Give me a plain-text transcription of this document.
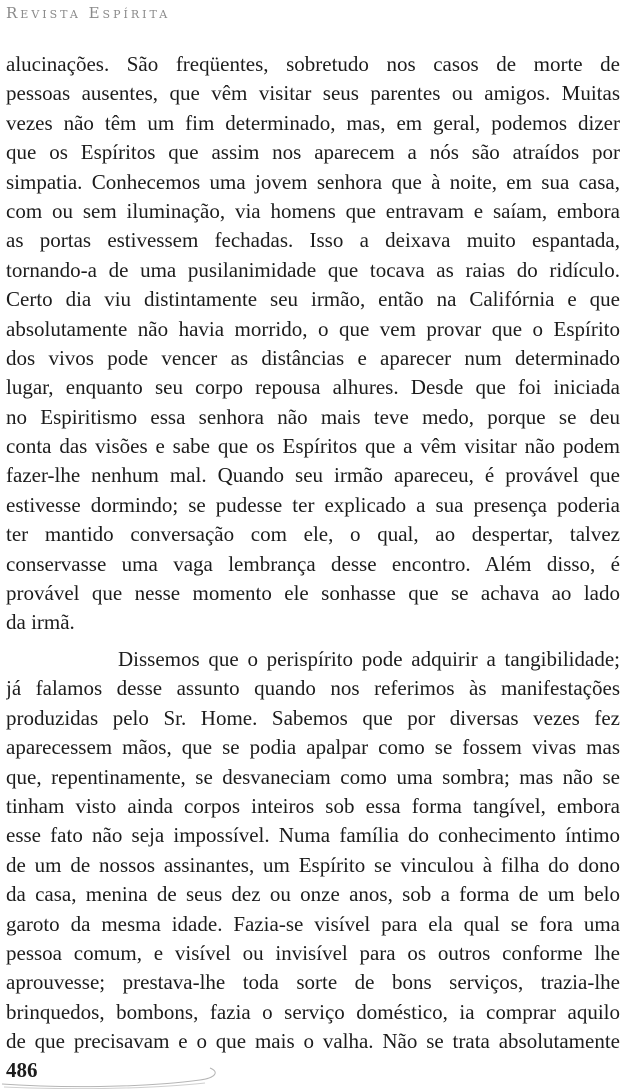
Revista Espírita
alucinações. São freqüentes, sobretudo nos casos de morte de
pessoas ausentes, que vêm visitar seus parentes ou amigos. Muitas
vezes não têm um fim determinado, mas, em geral, podemos dizer
que os Espíritos que assim nos aparecem a nós são atraídos por
simpatia. Conhecemos uma jovem senhora que à noite, em sua casa,
com ou sem iluminação, via homens que entravam e saíam, embora
as portas estivessem fechadas. Isso a deixava muito espantada,
tornando-a de uma pusilanimidade que tocava as raias do ridículo.
Certo dia viu distintamente seu irmão, então na Califórnia e que
absolutamente não havia morrido, o que vem provar que o Espírito
dos vivos pode vencer as distâncias e aparecer num determinado
lugar, enquanto seu corpo repousa alhures. Desde que foi iniciada
no Espiritismo essa senhora não mais teve medo, porque se deu
conta das visões e sabe que os Espíritos que a vêm visitar não podem
fazer-lhe nenhum mal. Quando seu irmão apareceu, é provável que
estivesse dormindo; se pudesse ter explicado a sua presença poderia
ter mantido conversação com ele, o qual, ao despertar, talvez
conservasse uma vaga lembrança desse encontro. Além disso, é
provável que nesse momento ele sonhasse que se achava ao lado
da irmã.
Dissemos que o perispírito pode adquirir a tangibilidade;
já falamos desse assunto quando nos referimos às manifestações
produzidas pelo Sr. Home. Sabemos que por diversas vezes fez
aparecessem mãos, que se podia apalpar como se fossem vivas mas
que, repentinamente, se desvaneciam como uma sombra; mas não se
tinham visto ainda corpos inteiros sob essa forma tangível, embora
esse fato não seja impossível. Numa família do conhecimento íntimo
de um de nossos assinantes, um Espírito se vinculou à filha do dono
da casa, menina de seus dez ou onze anos, sob a forma de um belo
garoto da mesma idade. Fazia-se visível para ela qual se fora uma
pessoa comum, e visível ou invisível para os outros conforme lhe
aprouvesse; prestava-lhe toda sorte de bons serviços, trazia-lhe
brinquedos, bombons, fazia o serviço doméstico, ia comprar aquilo
de que precisavam e o que mais o valha. Não se trata absolutamente
486
